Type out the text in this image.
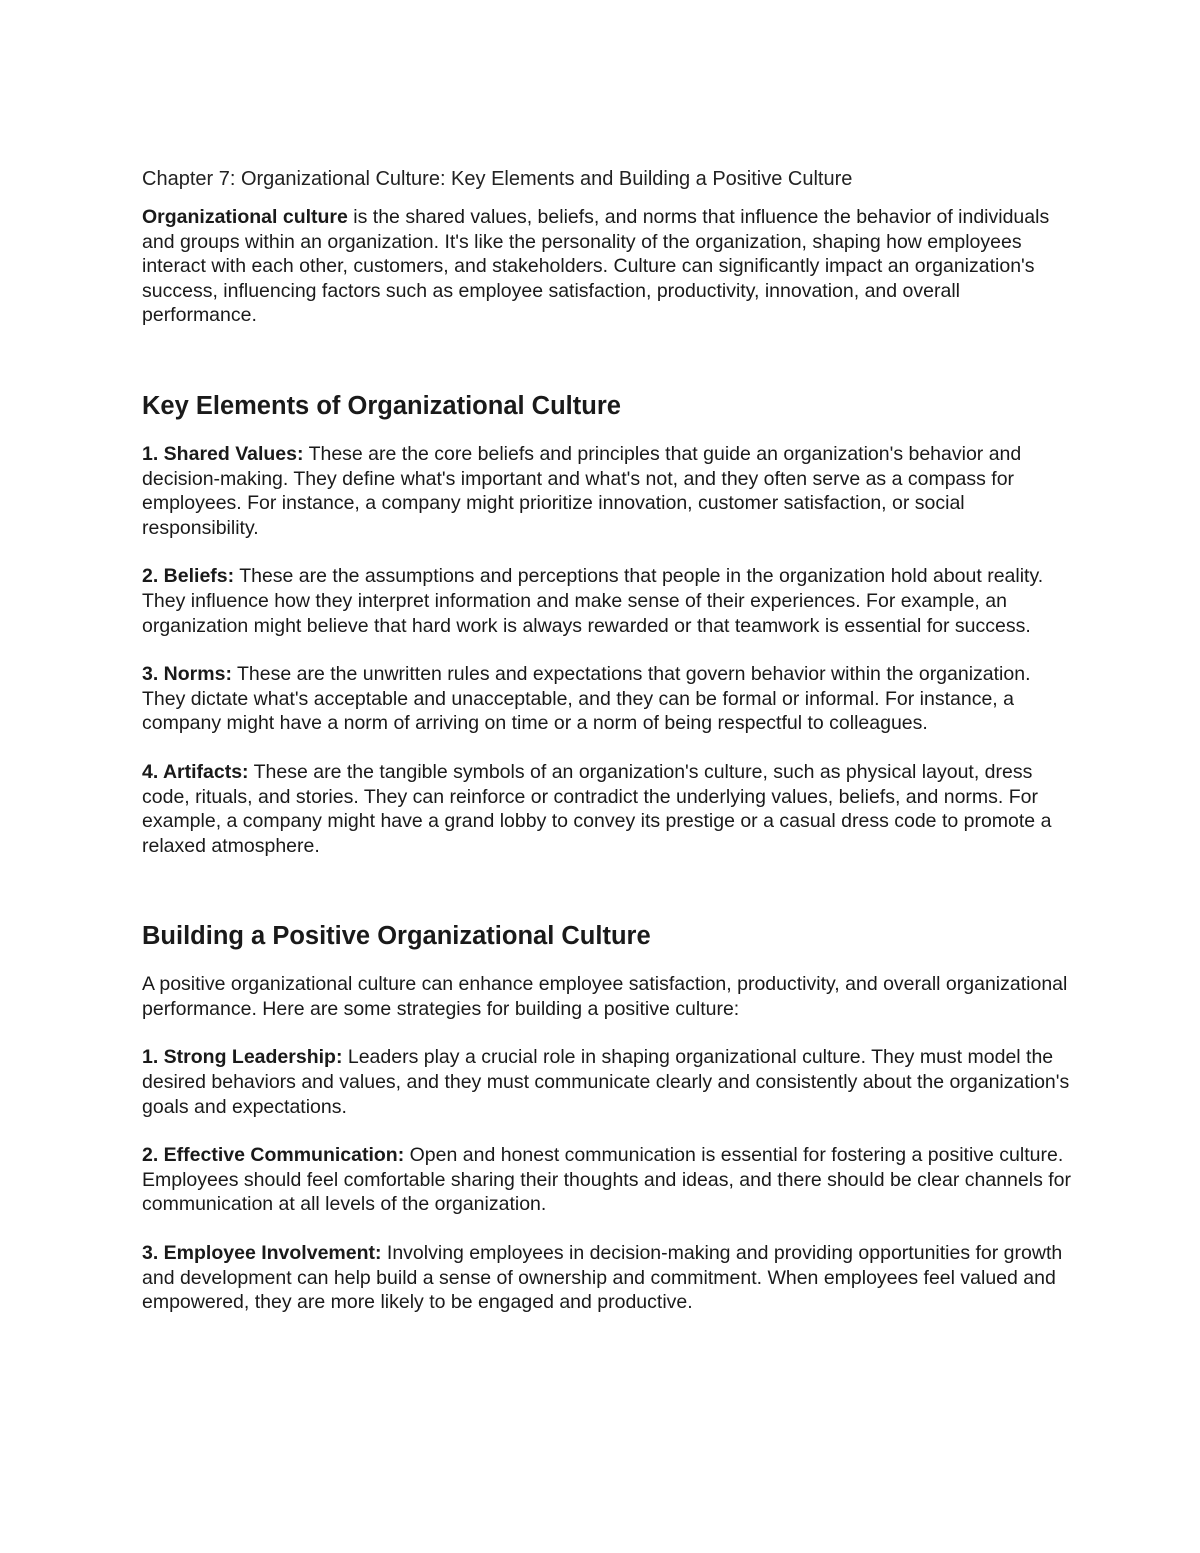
Chapter 7: Organizational Culture: Key Elements and Building a Positive Culture

Organizational culture is the shared values, beliefs, and norms that influence the behavior of individuals and groups within an organization. It's like the personality of the organization, shaping how employees interact with each other, customers, and stakeholders. Culture can significantly impact an organization's success, influencing factors such as employee satisfaction, productivity, innovation, and overall performance.

Key Elements of Organizational Culture

1. Shared Values: These are the core beliefs and principles that guide an organization's behavior and decision-making. They define what's important and what's not, and they often serve as a compass for employees. For instance, a company might prioritize innovation, customer satisfaction, or social responsibility.

2. Beliefs: These are the assumptions and perceptions that people in the organization hold about reality. They influence how they interpret information and make sense of their experiences. For example, an organization might believe that hard work is always rewarded or that teamwork is essential for success.

3. Norms: These are the unwritten rules and expectations that govern behavior within the organization. They dictate what's acceptable and unacceptable, and they can be formal or informal. For instance, a company might have a norm of arriving on time or a norm of being respectful to colleagues.

4. Artifacts: These are the tangible symbols of an organization's culture, such as physical layout, dress code, rituals, and stories. They can reinforce or contradict the underlying values, beliefs, and norms. For example, a company might have a grand lobby to convey its prestige or a casual dress code to promote a relaxed atmosphere.

Building a Positive Organizational Culture

A positive organizational culture can enhance employee satisfaction, productivity, and overall organizational performance. Here are some strategies for building a positive culture:

1. Strong Leadership: Leaders play a crucial role in shaping organizational culture. They must model the desired behaviors and values, and they must communicate clearly and consistently about the organization's goals and expectations.

2. Effective Communication: Open and honest communication is essential for fostering a positive culture. Employees should feel comfortable sharing their thoughts and ideas, and there should be clear channels for communication at all levels of the organization.

3. Employee Involvement: Involving employees in decision-making and providing opportunities for growth and development can help build a sense of ownership and commitment. When employees feel valued and empowered, they are more likely to be engaged and productive.
